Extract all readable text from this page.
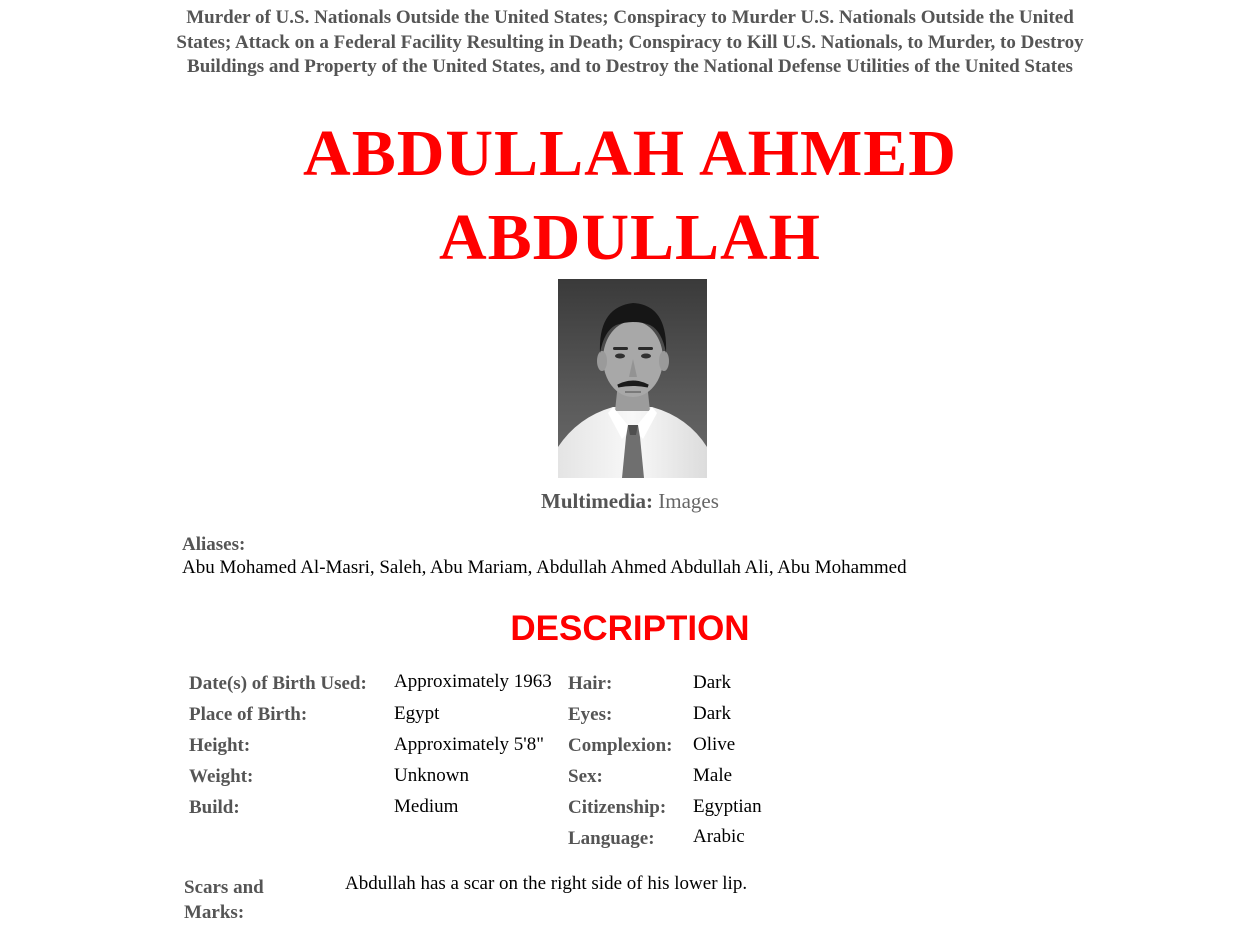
Murder of U.S. Nationals Outside the United States; Conspiracy to Murder U.S. Nationals Outside the United States; Attack on a Federal Facility Resulting in Death; Conspiracy to Kill U.S. Nationals, to Murder, to Destroy Buildings and Property of the United States, and to Destroy the National Defense Utilities of the United States
ABDULLAH AHMED
ABDULLAH
Multimedia: Images
Aliases:
Abu Mohamed Al-Masri, Saleh, Abu Mariam, Abdullah Ahmed Abdullah Ali, Abu Mohammed
DESCRIPTION
Date(s) of Birth Used: Approximately 1963
Place of Birth:	Egypt
Height:	Approximately 5'8"
Weight:	Unknown
Build:	Medium
Hair:	Dark
Eyes:	Dark
Complexion: Olive
Sex:	Male
Citizenship: Egyptian
Language: Arabic
Scars and Marks:
Abdullah has a scar on the right side of his lower lip.
